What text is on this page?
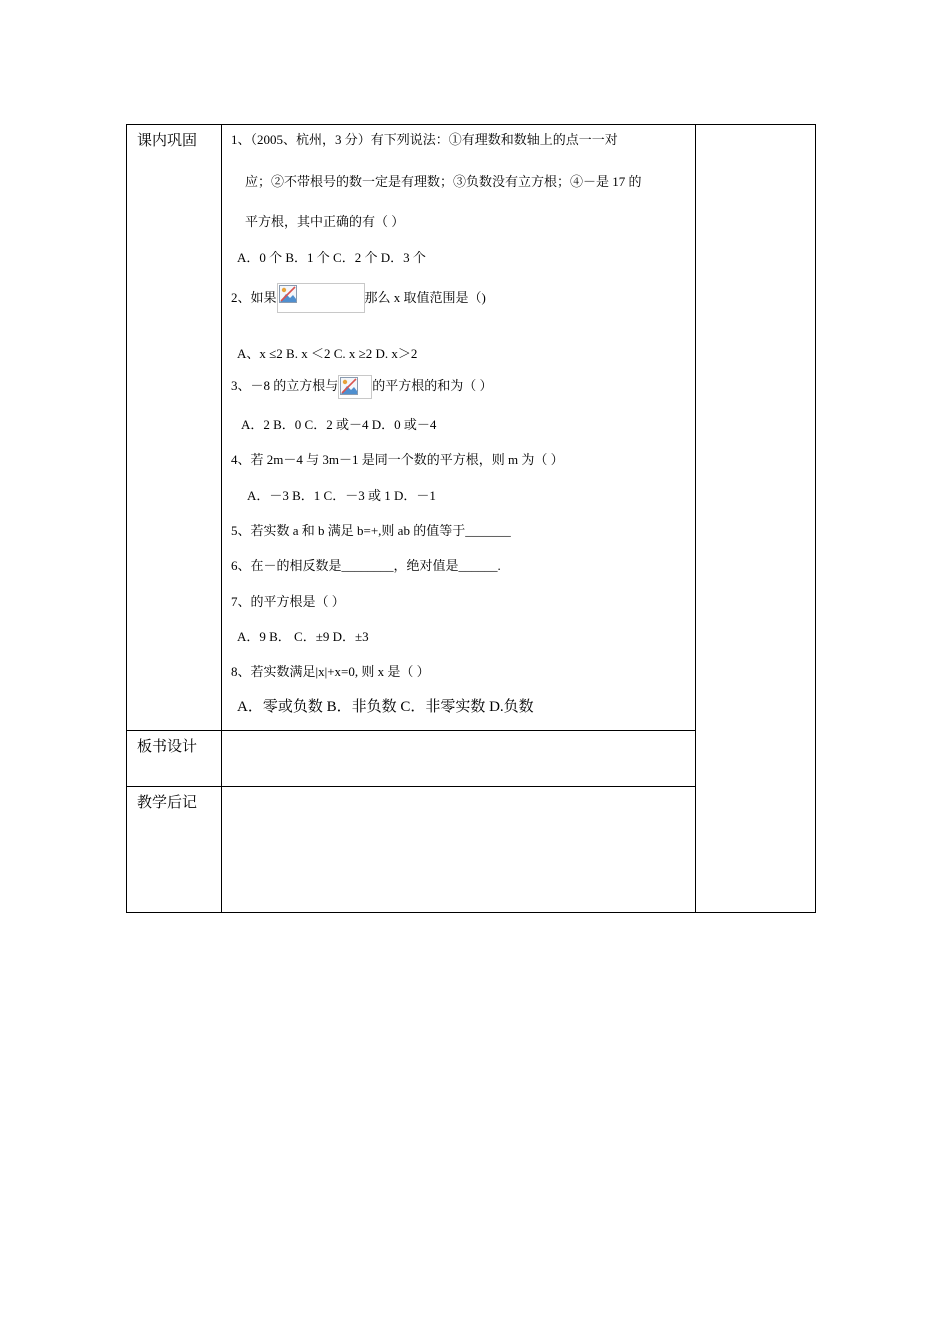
课内巩固
板书设计
教学后记
1、（2005、杭州，3 分）有下列说法：①有理数和数轴上的点一一对
应；②不带根号的数一定是有理数；③负数没有立方根；④－是 17 的
平方根，其中正确的有（ ）
A．0 个 B．1 个 C．2 个 D．3 个
2、如果	那么 x 取值范围是（)
A、x ≤2 B. x ＜2 C. x ≥2 D. x＞2
3、－8 的立方根与	的平方根的和为（ ）
A．2 B．0 C．2 或－4 D．0 或－4
4、若 2m－4 与 3m－1 是同一个数的平方根，则 m 为（ ）
A．－3 B．1 C．－3 或 1 D．－1
5、若实数 a 和 b 满足 b=+,则 ab 的值等于_______
6、在－的相反数是________，绝对值是______.
7、的平方根是（ ）
A．9 B． C．±9 D．±3
8、若实数满足|x|+x=0, 则 x 是（ ）
A．零或负数 B．非负数 C．非零实数 D.负数
